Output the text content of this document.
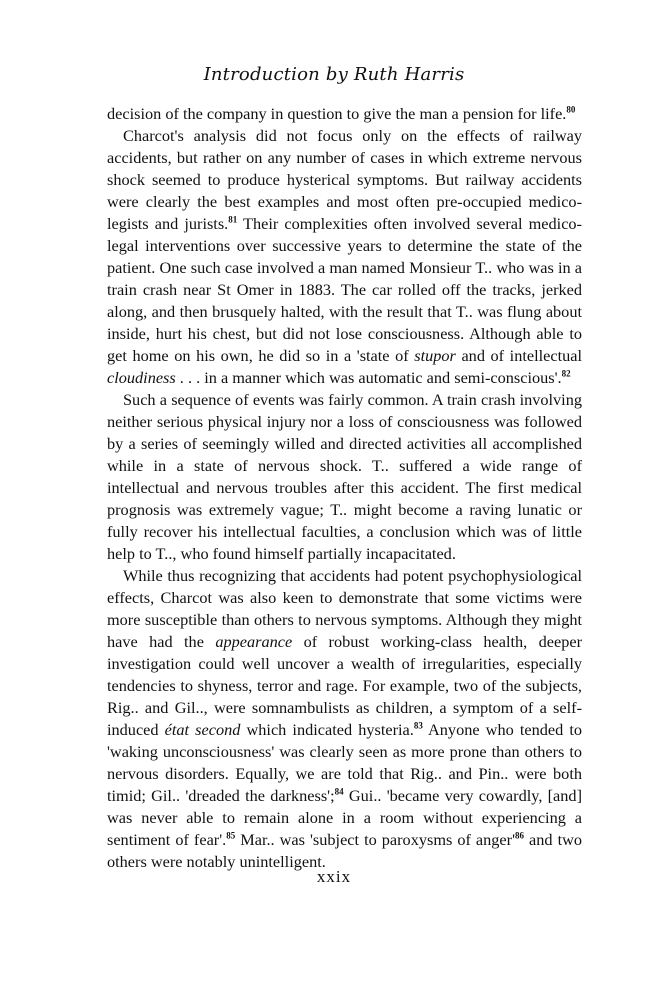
Introduction by Ruth Harris

decision of the company in question to give the man a pension for life.$^{80}$

Charcot's analysis did not focus only on the effects of railway accidents, but rather on any number of cases in which extreme nervous shock seemed to produce hysterical symptoms. But railway accidents were clearly the best examples and most often pre-occupied medico-legists and jurists.$^{81}$ Their complexities often involved several medico-legal interventions over successive years to determine the state of the patient. One such case involved a man named Monsieur T.. who was in a train crash near St Omer in 1883. The car rolled off the tracks, jerked along, and then brusquely halted, with the result that T.. was flung about inside, hurt his chest, but did not lose consciousness. Although able to get home on his own, he did so in a 'state of stupor and of intellectual cloudiness . . . in a manner which was automatic and semi-conscious'.$^{82}$

Such a sequence of events was fairly common. A train crash involving neither serious physical injury nor a loss of consciousness was followed by a series of seemingly willed and directed activities all accomplished while in a state of nervous shock. T.. suffered a wide range of intellectual and nervous troubles after this accident. The first medical prognosis was extremely vague; T.. might become a raving lunatic or fully recover his intellectual faculties, a conclusion which was of little help to T.., who found himself partially incapacitated.

While thus recognizing that accidents had potent psychophysiological effects, Charcot was also keen to demonstrate that some victims were more susceptible than others to nervous symptoms. Although they might have had the appearance of robust working-class health, deeper investigation could well uncover a wealth of irregularities, especially tendencies to shyness, terror and rage. For example, two of the subjects, Rig.. and Gil.., were somnambulists as children, a symptom of a self-induced état second which indicated hysteria.$^{83}$ Anyone who tended to 'waking unconsciousness' was clearly seen as more prone than others to nervous disorders. Equally, we are told that Rig.. and Pin.. were both timid; Gil.. 'dreaded the darkness';$^{84}$ Gui.. 'became very cowardly, [and] was never able to remain alone in a room without experiencing a sentiment of fear'.$^{85}$ Mar.. was 'subject to paroxysms of anger'$^{86}$ and two others were notably unintelligent.

xxix
